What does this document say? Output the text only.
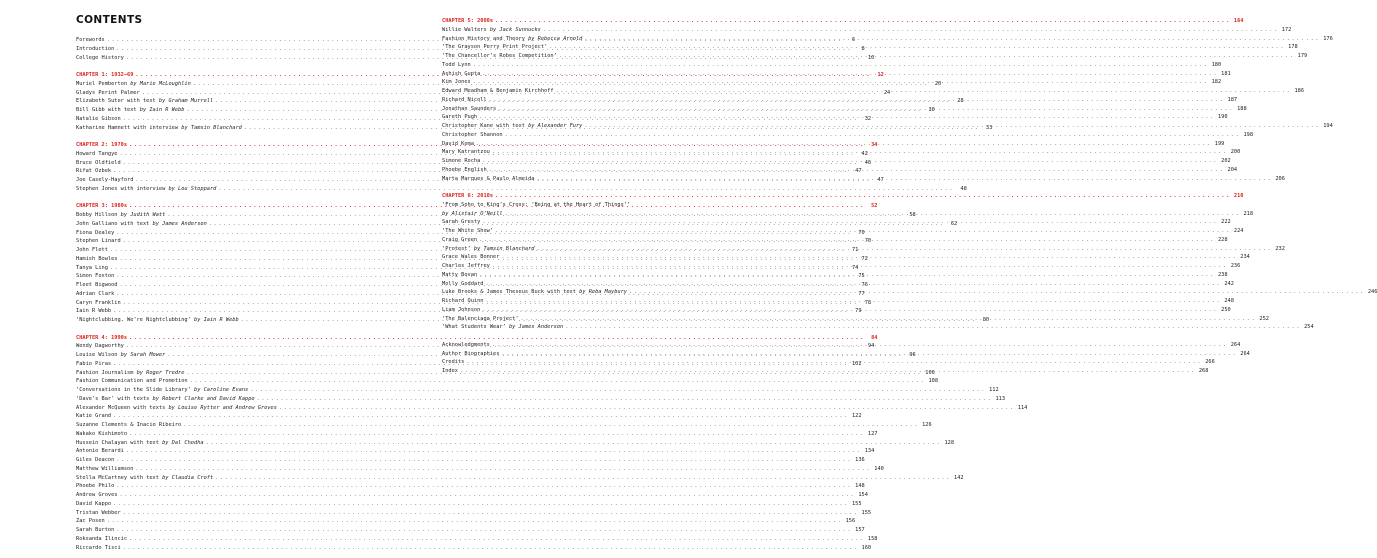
CONTENTS
Forewords . . .	6
Introduction . . .	8
College History . . .	10
CHAPTER 1: 1932–69 . . .	12
Muriel Pemberton by Marie McLoughlin . . .	20
Gladys Perint Palmer . . .	24
Elizabeth Suter with text by Graham Murrell . . .	28
Bill Gibb with text by Iain R Webb . . .	30
Natalie Gibson . . .	32
Katharine Hamnett with interview by Tamsin Blanchard . . .	33
CHAPTER 2: 1970s . . .	34
Howard Tangye . . .	42
Bruce Oldfield . . .	46
Rifat Ozbek . . .	47
Joe Casely-Hayford . . .	47
Stephen Jones with interview by Lou Stoppard . . .	48
CHAPTER 3: 1980s . . .	52
Bobby Hillson by Judith Watt . . .	58
John Galliano with text by James Anderson . . .	62
Fiona Dealey . . .	70
Stephen Linard . . .	70
John Flett . . .	71
Hamish Bowles . . .	72
Tanya Ling . . .	74
Simon Foxton . . .	75
Fleet Bigwood . . .	76
Adrian Clark . . .	77
Caryn Franklin . . .	78
Iain R Webb . . .	79
‘Nightclubbing, We’re Nightclubbing’ by Iain R Webb . . .	80
CHAPTER 4: 1990s . . .	84
Wendy Dagworthy . . .	94
Louise Wilson by Sarah Mower . . .	96
Fabio Piras . . .	102
Fashion Journalism by Roger Tredre . . .	106
Fashion Communication and Promotion . . .	108
‘Conversations in the Slide Library’ by Caroline Evans . . .	112
‘Dave’s Bar’ with texts by Robert Clarke and David Kappo . . .	113
Alexander McQueen with texts by Louise Rytter and Andrew Groves . . .	114
Katie Grand . . .	122
Suzanne Clements & Inacio Ribeiro . . .	126
Wakako Kishimoto . . .	127
Hussein Chalayan with text by Dal Chodha . . .	128
Antonio Berardi . . .	134
Giles Deacon . . .	136
Matthew Williamson . . .	140
Stella McCartney with text by Claudia Croft . . .	142
Phoebe Philo . . .	148
Andrew Groves . . .	154
David Kappo . . .	155
Tristan Webber . . .	155
Zac Posen . . .	156
Sarah Burton . . .	157
Roksanda Ilincic . . .	158
Riccardo Tisci . . .	160
CHAPTER 5: 2000s . . .	164
Willie Walters by Jack Sunnucks . . .	172
Fashion History and Theory by Rebecca Arnold . . .	176
‘The Grayson Perry Print Project’ . . .	178
‘The Chancellor’s Robes Competition’ . . .	179
Todd Lynn . . .	180
Ashish Gupta . . .	181
Kim Jones . . .	182
Edward Meadham & Benjamin Kirchhoff . . .	186
Richard Nicoll . . .	187
Jonathan Saunders . . .	188
Gareth Pugh . . .	190
Christopher Kane with text by Alexander Fury . . .	194
Christopher Shannon . . .	198
David Koma . . .	199
Mary Katrantzou . . .	200
Simone Rocha . . .	202
Phoebe English . . .	204
Marta Marques & Paulo Almeida . . .	206
CHAPTER 6: 2010s . . .	210
‘From Soho to King’s Cross: ‘Being at the Heart of Things’’
by Alistair O’Neill . . .	218
Sarah Gresty . . .	222
‘The White Show’ . . .	224
Craig Green . . .	228
‘Protest’ by Tamsin Blanchard . . .	232
Grace Wales Bonner . . .	234
Charles Jeffrey . . .	236
Matty Bovan . . .	238
Molly Goddard . . .	242
Luke Brooks & James Theseus Buck with text by Reba Maybury . . .	246
Richard Quinn . . .	248
Liam Johnson . . .	250
‘The Balenciaga Project’ . . .	252
‘What Students Wear’ by James Anderson . . .	254
Acknowledgments . . .	264
Author Biographies . . .	264
Credits . . .	266
Index . . .	268
